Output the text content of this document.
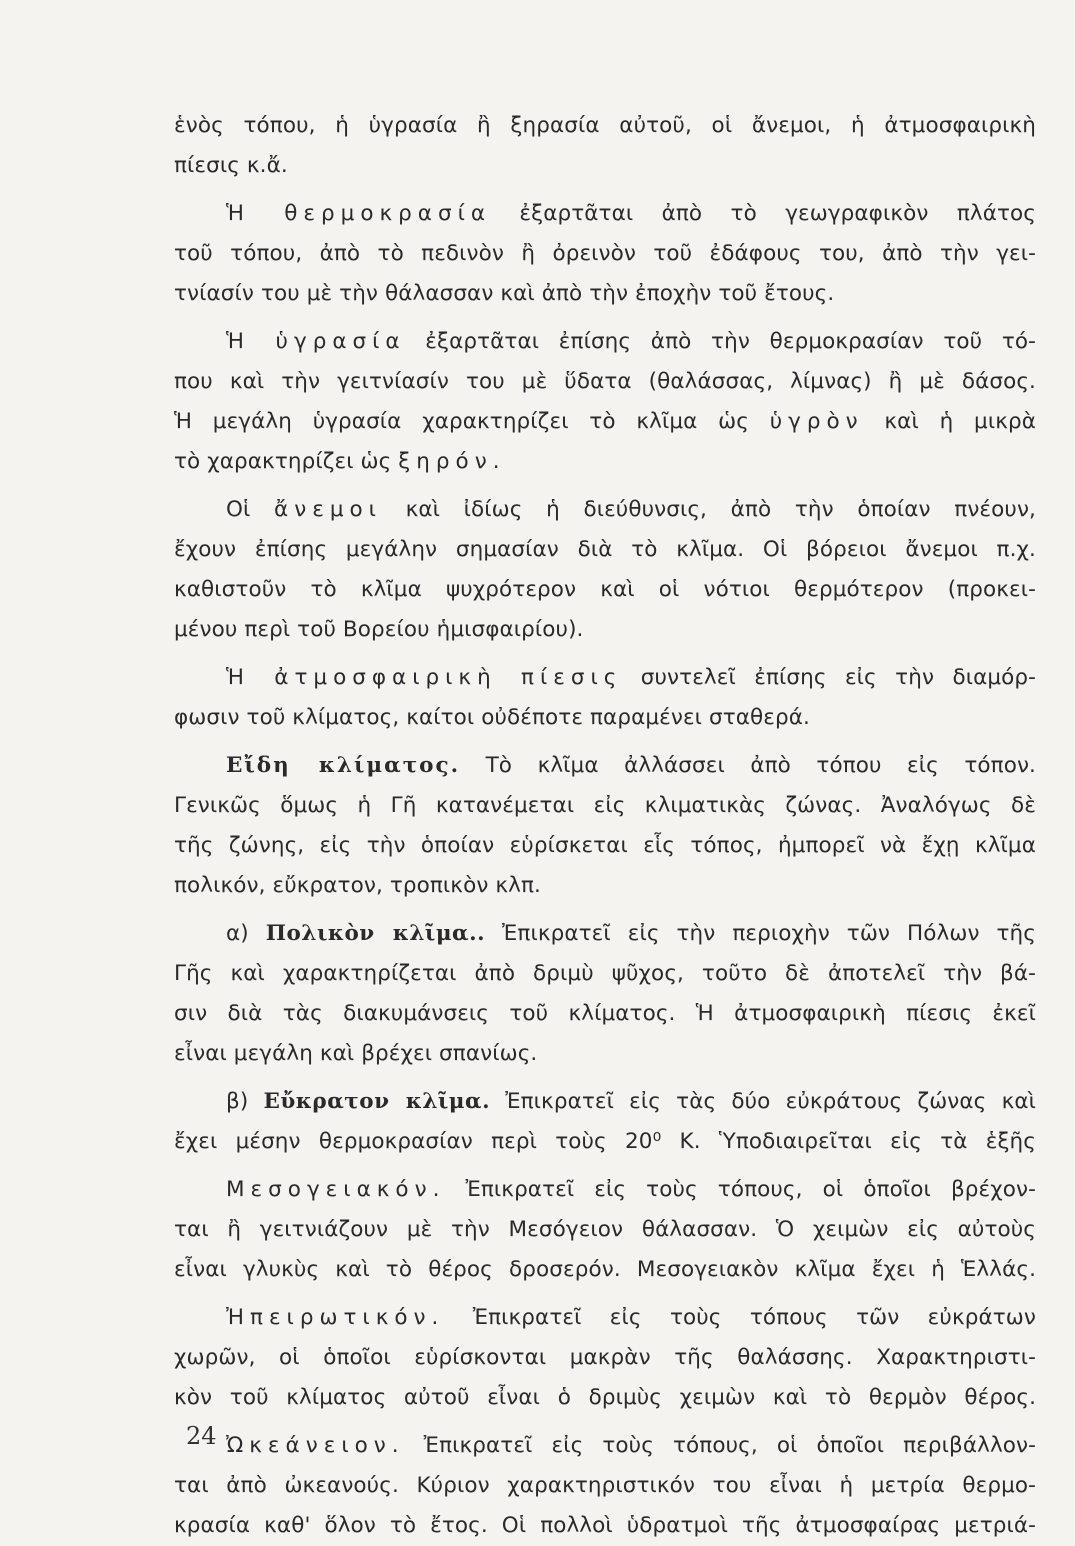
ἑνὸς τόπου, ἡ ὑγρασία ἢ ξηρασία αὐτοῦ, οἱ ἄνεμοι, ἡ ἀτμοσφαιρικὴ
πίεσις κ.ἄ.
Ἡ θερμοκρασία ἐξαρτᾶται ἀπὸ τὸ γεωγραφικὸν πλάτος
τοῦ τόπου, ἀπὸ τὸ πεδινὸν ἢ ὀρεινὸν τοῦ ἐδάφους του, ἀπὸ τὴν γει-
τνίασίν του μὲ τὴν θάλασσαν καὶ ἀπὸ τὴν ἐποχὴν τοῦ ἔτους.
Ἡ ὑγρασία ἐξαρτᾶται ἐπίσης ἀπὸ τὴν θερμοκρασίαν τοῦ τό-
που καὶ τὴν γειτνίασίν του μὲ ὕδατα (θαλάσσας, λίμνας) ἢ μὲ δάσος.
Ἡ μεγάλη ὑγρασία χαρακτηρίζει τὸ κλῖμα ὡς ὑγρὸν καὶ ἡ μικρὰ
τὸ χαρακτηρίζει ὡς ξηρόν.
Οἱ ἄνεμοι καὶ ἰδίως ἡ διεύθυνσις, ἀπὸ τὴν ὁποίαν πνέουν,
ἔχουν ἐπίσης μεγάλην σημασίαν διὰ τὸ κλῖμα. Οἱ βόρειοι ἄνεμοι π.χ.
καθιστοῦν τὸ κλῖμα ψυχρότερον καὶ οἱ νότιοι θερμότερον (προκει-
μένου περὶ τοῦ Βορείου ἡμισφαιρίου).
Ἡ ἀτμοσφαιρικὴ πίεσις συντελεῖ ἐπίσης εἰς τὴν διαμόρ-
φωσιν τοῦ κλίματος, καίτοι οὐδέποτε παραμένει σταθερά.
Εἴδη κλίματος. Τὸ κλῖμα ἀλλάσσει ἀπὸ τόπου εἰς τόπον.
Γενικῶς ὅμως ἡ Γῆ κατανέμεται εἰς κλιματικὰς ζώνας. Ἀναλόγως δὲ
τῆς ζώνης, εἰς τὴν ὁποίαν εὑρίσκεται εἷς τόπος, ἠμπορεῖ νὰ ἔχῃ κλῖμα
πολικόν, εὔκρατον, τροπικὸν κλπ.
α) Πολικὸν κλῖμα.. Ἐπικρατεῖ εἰς τὴν περιοχὴν τῶν Πόλων τῆς
Γῆς καὶ χαρακτηρίζεται ἀπὸ δριμὺ ψῦχος, τοῦτο δὲ ἀποτελεῖ τὴν βά-
σιν διὰ τὰς διακυμάνσεις τοῦ κλίματος. Ἡ ἀτμοσφαιρικὴ πίεσις ἐκεῖ
εἶναι μεγάλη καὶ βρέχει σπανίως.
β) Εὔκρατον κλῖμα. Ἐπικρατεῖ εἰς τὰς δύο εὐκράτους ζώνας καὶ
ἔχει μέσην θερμοκρασίαν περὶ τοὺς 20⁰ Κ. Ὑποδιαιρεῖται εἰς τὰ ἑξῆς
Μεσογειακόν. Ἐπικρατεῖ εἰς τοὺς τόπους, οἱ ὁποῖοι βρέχον-
ται ἢ γειτνιάζουν μὲ τὴν Μεσόγειον θάλασσαν. Ὁ χειμὼν εἰς αὐτοὺς
εἶναι γλυκὺς καὶ τὸ θέρος δροσερόν. Μεσογειακὸν κλῖμα ἔχει ἡ Ἑλλάς.
Ἠπειρωτικόν. Ἐπικρατεῖ εἰς τοὺς τόπους τῶν εὐκράτων
χωρῶν, οἱ ὁποῖοι εὑρίσκονται μακρὰν τῆς θαλάσσης. Χαρακτηριστι-
κὸν τοῦ κλίματος αὐτοῦ εἶναι ὁ δριμὺς χειμὼν καὶ τὸ θερμὸν θέρος.
Ὠκεάνειον. Ἐπικρατεῖ εἰς τοὺς τόπους, οἱ ὁποῖοι περιβάλλον-
ται ἀπὸ ὠκεανούς. Κύριον χαρακτηριστικόν του εἶναι ἡ μετρία θερμο-
κρασία καθ' ὅλον τὸ ἔτος. Οἱ πολλοὶ ὑδρατμοὶ τῆς ἀτμοσφαίρας μετριά-
24
